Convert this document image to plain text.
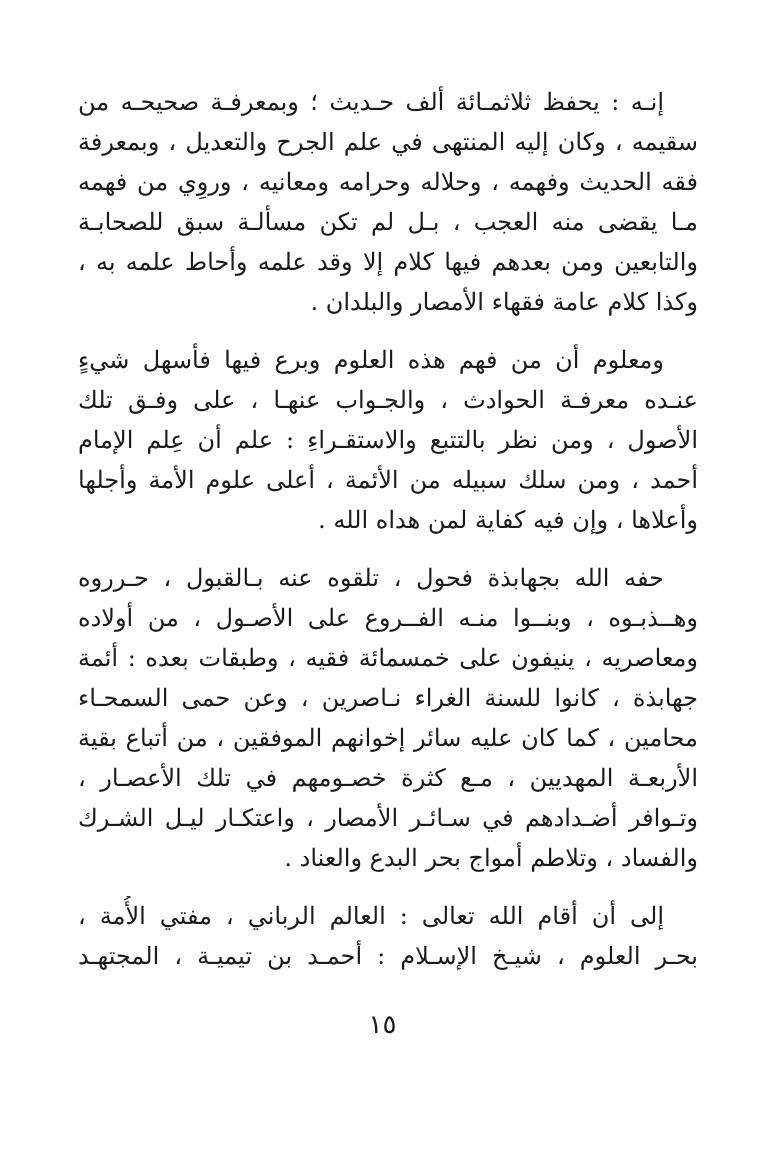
إنـه : يحفظ ثلاثمـائة ألف حـديث ؛ وبمعرفـة صحيحـه من
سقيمه ، وكان إليه المنتهى في علم الجرح والتعديل ، وبمعرفة
فقه الحديث وفهمه ، وحلاله وحرامه ومعانيه ، وروِي من فهمه
مـا يقضى منه العجب ، بـل لم تكن مسألـة سبق للصحابـة
والتابعين ومن بعدهم فيها كلام إلا وقد علمه وأحاط علمه به ،
وكذا كلام عامة فقهاء الأمصار والبلدان .
ومعلوم أن من فهم هذه العلوم وبرع فيها فأسهل شيءٍ
عنـده معرفـة الحوادث ، والجـواب عنهـا ، على وفـق تلك
الأصول ، ومن نظر بالتتبع والاستقـراءِ : علم أن عِلم الإمام
أحمد ، ومن سلك سبيله من الأئمة ، أعلى علوم الأمة وأجلها
وأعلاها ، وإن فيه كفاية لمن هداه الله .
حفه الله بجهابذة فحول ، تلقوه عنه بـالقبول ، حـرروه
وهــذبـوه ، وبنــوا منـه الفــروع على الأصـول ، من أولاده
ومعاصريه ، ينيفون على خمسمائة فقيه ، وطبقات بعده : أئمة
جهابذة ، كانوا للسنة الغراء نـاصرين ، وعن حمى السمحـاء
محامين ، كما كان عليه سائر إخوانهم الموفقين ، من أتباع بقية
الأربعـة المهديين ، مـع كثرة خصـومهم في تلك الأعصـار ،
وتـوافر أضـدادهم في سـائـر الأمصار ، واعتكـار ليـل الشـرك
والفساد ، وتلاطم أمواج بحر البدع والعناد .
إلى أن أقام الله تعالى : العالم الرباني ، مفتي الأُمة ،
بحـر العلوم ، شيـخ الإسـلام : أحمـد بن تيميـة ، المجتهـد
١٥
